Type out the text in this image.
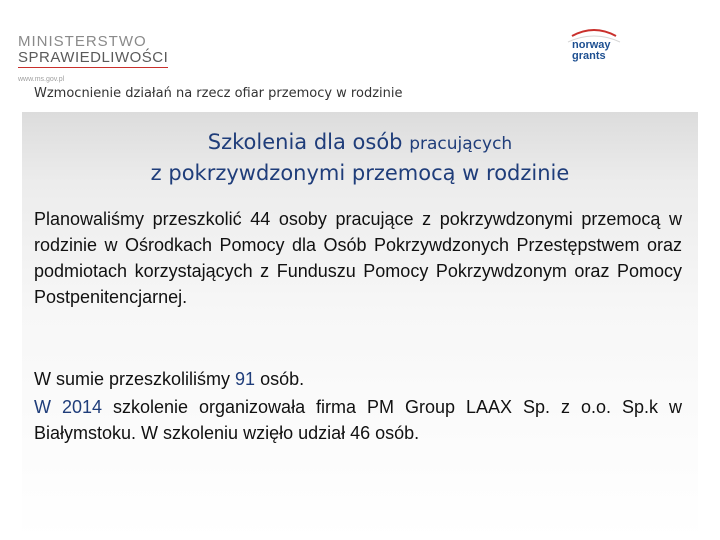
MINISTERSTWO
SPRAWIEDLIWOŚCI
www.ms.gov.pl
norway
grants
Wzmocnienie działań na rzecz ofiar przemocy w rodzinie
Szkolenia dla osób pracujących
z pokrzywdzonymi przemocą w rodzinie
Planowaliśmy przeszkolić 44 osoby pracujące z pokrzywdzonymi przemocą w rodzinie w Ośrodkach Pomocy dla Osób Pokrzywdzonych Przestępstwem oraz podmiotach korzystających z Funduszu Pomocy Pokrzywdzonym oraz Pomocy Postpenitencjarnej.
W sumie przeszkoliliśmy 91 osób.
W 2014 szkolenie organizowała firma PM Group LAAX Sp. z o.o. Sp.k w Białymstoku. W szkoleniu wzięło udział 46 osób.
